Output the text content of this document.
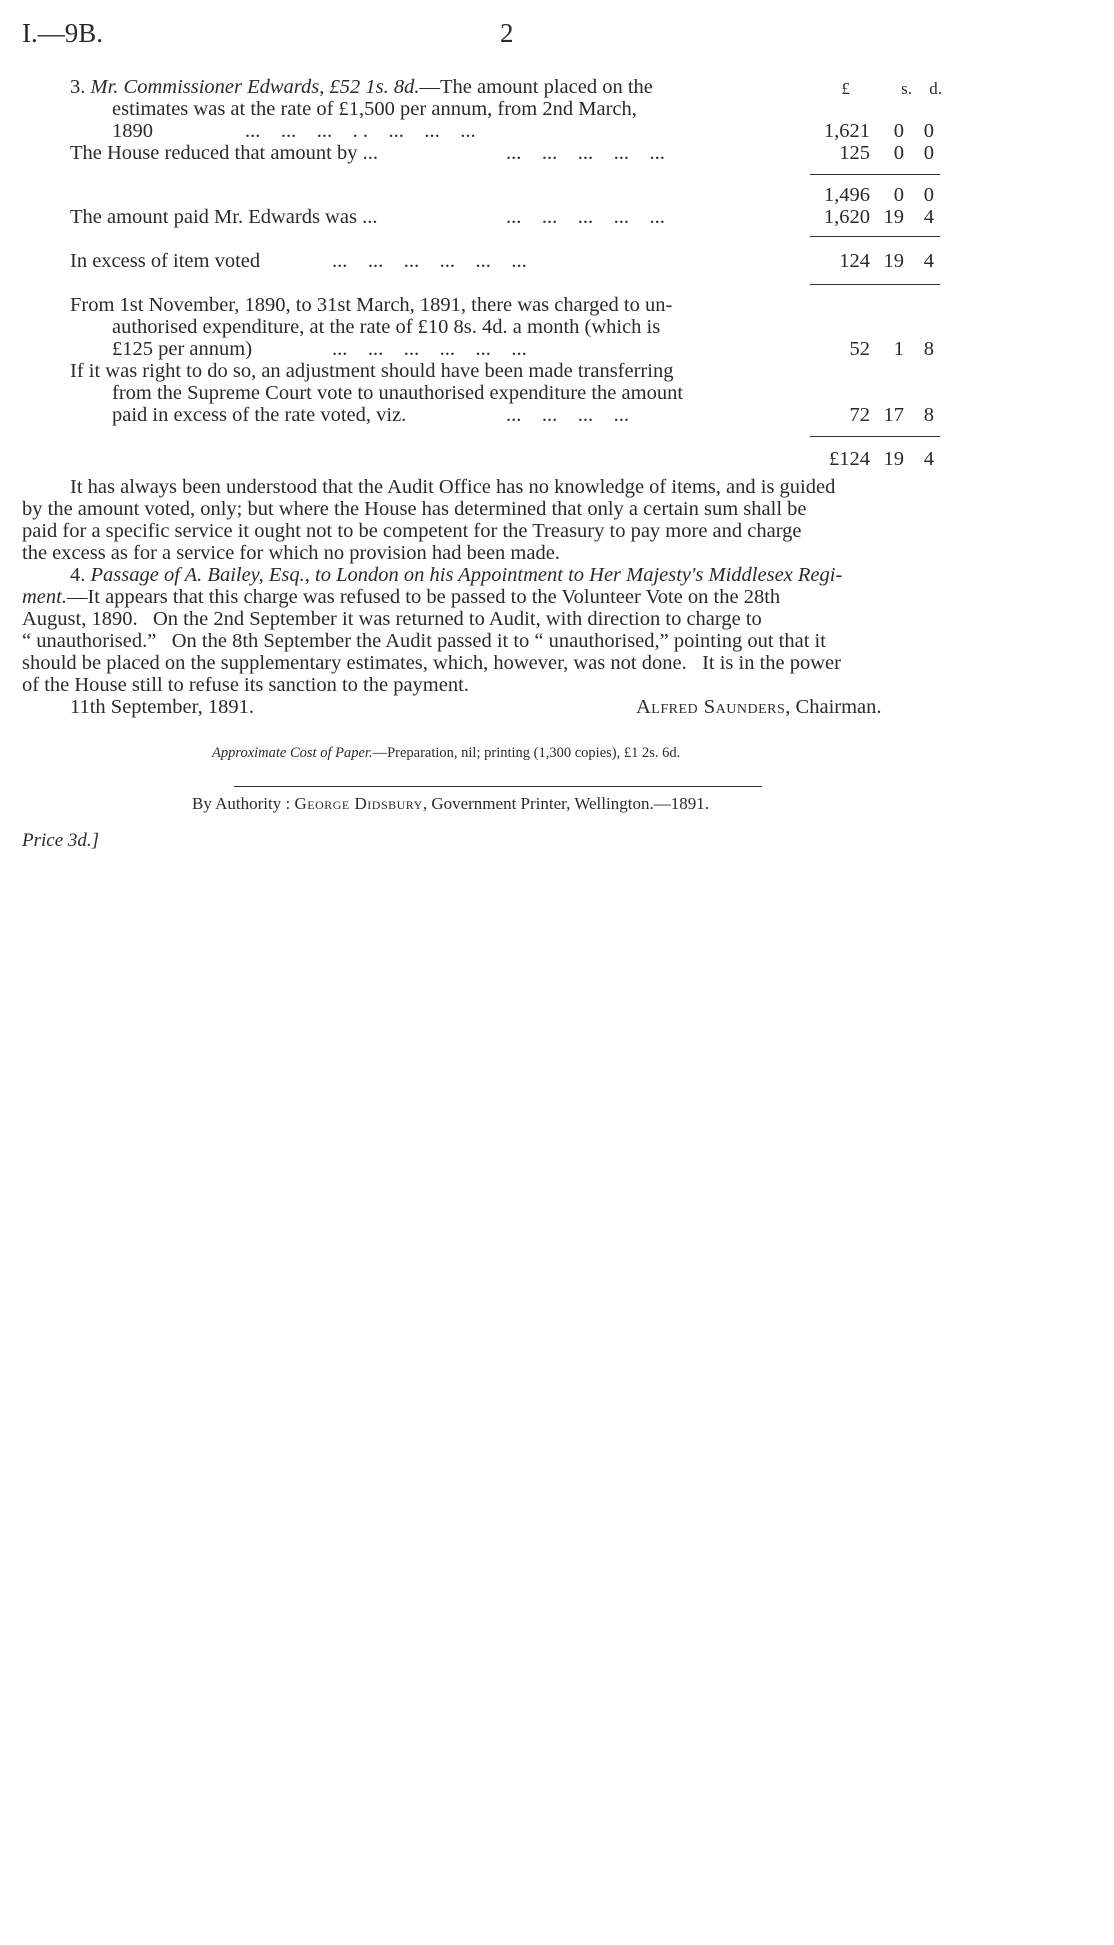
I.—9B.	2
£	s.	d.
3. Mr. Commissioner Edwards, £52 1s. 8d.—The amount placed on the
estimates was at the rate of £1,500 per annum, from 2nd March,
1890	...    ...    ...    . .    ...    ...    ...	1,621	0 0
The House reduced that amount by ...	...    ...    ...    ...    ...	125	0 0
1,496	0 0
The amount paid Mr. Edwards was ...	...    ...    ...    ...    ...	1,620 19 4
In excess of item voted	...    ...    ...    ...    ...    ...	124 19 4
From 1st November, 1890, to 31st March, 1891, there was charged to un-
authorised expenditure, at the rate of £10 8s. 4d. a month (which is
£125 per annum)	...    ...    ...    ...    ...    ...	52	1 8
If it was right to do so, an adjustment should have been made transferring
from the Supreme Court vote to unauthorised expenditure the amount
paid in excess of the rate voted, viz.	...    ...    ...    ...	72 17 8
£124 19 4
It has always been understood that the Audit Office has no knowledge of items, and is guided
by the amount voted, only; but where the House has determined that only a certain sum shall be
paid for a specific service it ought not to be competent for the Treasury to pay more and charge
the excess as for a service for which no provision had been made.
4. Passage of A. Bailey, Esq., to London on his Appointment to Her Majesty's Middlesex Regi-
ment.—It appears that this charge was refused to be passed to the Volunteer Vote on the 28th
August, 1890.   On the 2nd September it was returned to Audit, with direction to charge to
“ unauthorised.”   On the 8th September the Audit passed it to “ unauthorised,” pointing out that it
should be placed on the supplementary estimates, which, however, was not done.   It is in the power
of the House still to refuse its sanction to the payment.
11th September, 1891.	Alfred Saunders, Chairman.
Approximate Cost of Paper.—Preparation, nil; printing (1,300 copies), £1 2s. 6d.
By Authority : George Didsbury, Government Printer, Wellington.—1891.
Price 3d.]
